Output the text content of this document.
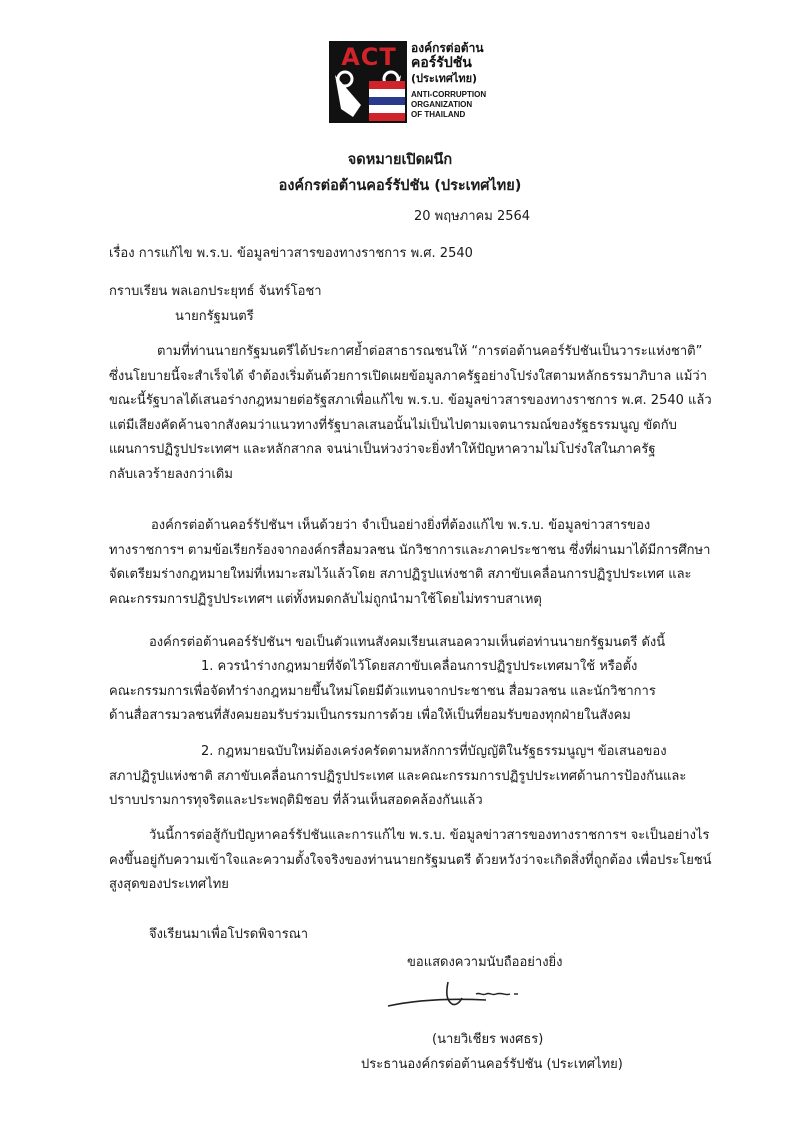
ACT	องค์กรต่อต้าน
คอร์รัปชัน
(ประเทศไทย)
ANTI-CORRUPTION
ORGANIZATION
OF THAILAND
จดหมายเปิดผนึก
องค์กรต่อต้านคอร์รัปชัน (ประเทศไทย)
20 พฤษภาคม 2564
เรื่อง การแก้ไข พ.ร.บ. ข้อมูลข่าวสารของทางราชการ พ.ศ. 2540
กราบเรียน พลเอกประยุทธ์ จันทร์โอชา
นายกรัฐมนตรี
ตามที่ท่านนายกรัฐมนตรีได้ประกาศย้ำต่อสาธารณชนให้ “การต่อต้านคอร์รัปชันเป็นวาระแห่งชาติ”
ซึ่งนโยบายนี้จะสำเร็จได้ จำต้องเริ่มต้นด้วยการเปิดเผยข้อมูลภาครัฐอย่างโปร่งใสตามหลักธรรมาภิบาล แม้ว่า
ขณะนี้รัฐบาลได้เสนอร่างกฎหมายต่อรัฐสภาเพื่อแก้ไข พ.ร.บ. ข้อมูลข่าวสารของทางราชการ พ.ศ. 2540 แล้ว
แต่มีเสียงคัดค้านจากสังคมว่าแนวทางที่รัฐบาลเสนอนั้นไม่เป็นไปตามเจตนารมณ์ของรัฐธรรมนูญ ขัดกับ
แผนการปฏิรูปประเทศฯ และหลักสากล จนน่าเป็นห่วงว่าจะยิ่งทำให้ปัญหาความไม่โปร่งใสในภาครัฐ
กลับเลวร้ายลงกว่าเดิม
องค์กรต่อต้านคอร์รัปชันฯ เห็นด้วยว่า จำเป็นอย่างยิ่งที่ต้องแก้ไข พ.ร.บ. ข้อมูลข่าวสารของ
ทางราชการฯ ตามข้อเรียกร้องจากองค์กรสื่อมวลชน นักวิชาการและภาคประชาชน ซึ่งที่ผ่านมาได้มีการศึกษา
จัดเตรียมร่างกฎหมายใหม่ที่เหมาะสมไว้แล้วโดย สภาปฏิรูปแห่งชาติ สภาขับเคลื่อนการปฏิรูปประเทศ และ
คณะกรรมการปฏิรูปประเทศฯ แต่ทั้งหมดกลับไม่ถูกนำมาใช้โดยไม่ทราบสาเหตุ
องค์กรต่อต้านคอร์รัปชันฯ ขอเป็นตัวแทนสังคมเรียนเสนอความเห็นต่อท่านนายกรัฐมนตรี ดังนี้
1. ควรนำร่างกฎหมายที่จัดไว้โดยสภาขับเคลื่อนการปฏิรูปประเทศมาใช้ หรือตั้ง
คณะกรรมการเพื่อจัดทำร่างกฎหมายขึ้นใหม่โดยมีตัวแทนจากประชาชน สื่อมวลชน และนักวิชาการ
ด้านสื่อสารมวลชนที่สังคมยอมรับร่วมเป็นกรรมการด้วย เพื่อให้เป็นที่ยอมรับของทุกฝ่ายในสังคม
2. กฎหมายฉบับใหม่ต้องเคร่งครัดตามหลักการที่บัญญัติในรัฐธรรมนูญฯ ข้อเสนอของ
สภาปฏิรูปแห่งชาติ สภาขับเคลื่อนการปฏิรูปประเทศ และคณะกรรมการปฏิรูปประเทศด้านการป้องกันและ
ปราบปรามการทุจริตและประพฤติมิชอบ ที่ล้วนเห็นสอดคล้องกันแล้ว
วันนี้การต่อสู้กับปัญหาคอร์รัปชันและการแก้ไข พ.ร.บ. ข้อมูลข่าวสารของทางราชการฯ จะเป็นอย่างไร
คงขึ้นอยู่กับความเข้าใจและความตั้งใจจริงของท่านนายกรัฐมนตรี ด้วยหวังว่าจะเกิดสิ่งที่ถูกต้อง เพื่อประโยชน์
สูงสุดของประเทศไทย
จึงเรียนมาเพื่อโปรดพิจารณา
ขอแสดงความนับถืออย่างยิ่ง
(นายวิเชียร พงศธร)
ประธานองค์กรต่อต้านคอร์รัปชัน (ประเทศไทย)
